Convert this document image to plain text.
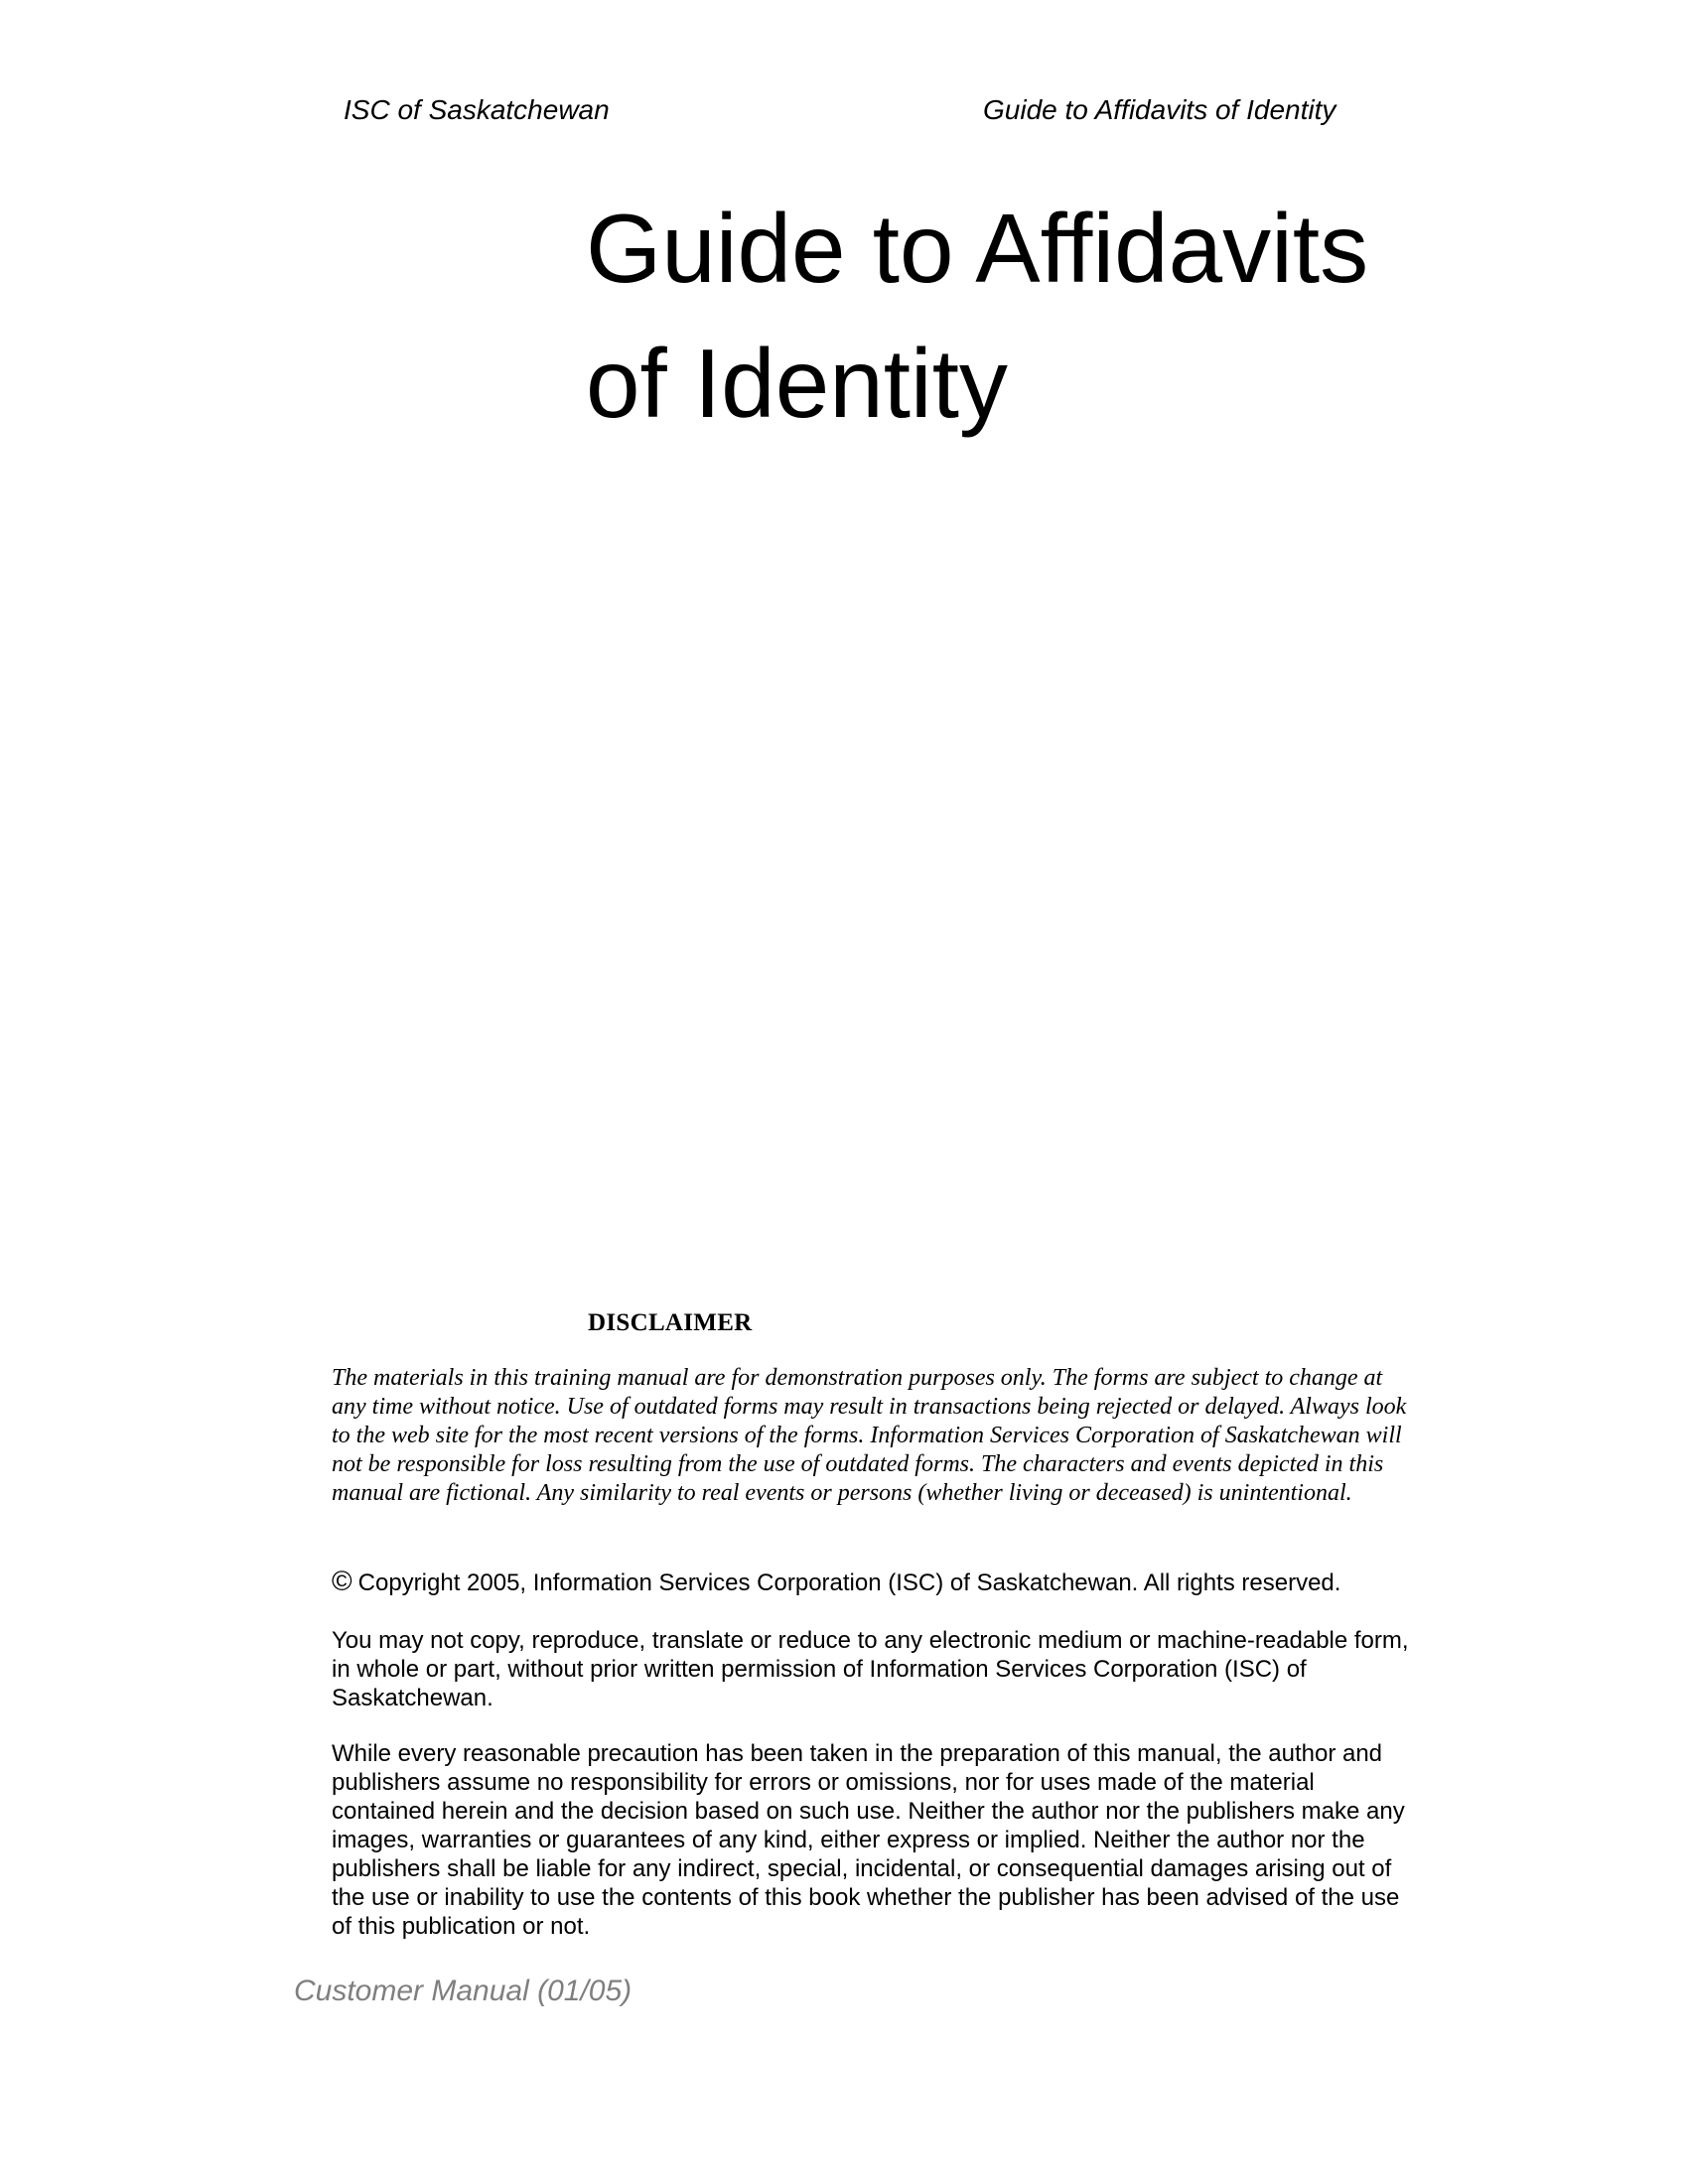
ISC of Saskatchewan	Guide to Affidavits of Identity
Guide to Affidavits
of Identity
DISCLAIMER

The materials in this training manual are for demonstration purposes only. The forms are subject to change at any time without notice. Use of outdated forms may result in transactions being rejected or delayed. Always look to the web site for the most recent versions of the forms. Information Services Corporation of Saskatchewan will not be responsible for loss resulting from the use of outdated forms. The characters and events depicted in this manual are fictional. Any similarity to real events or persons (whether living or deceased) is unintentional.

© Copyright 2005, Information Services Corporation (ISC) of Saskatchewan. All rights reserved.

You may not copy, reproduce, translate or reduce to any electronic medium or machine-readable form, in whole or part, without prior written permission of Information Services Corporation (ISC) of Saskatchewan.

While every reasonable precaution has been taken in the preparation of this manual, the author and publishers assume no responsibility for errors or omissions, nor for uses made of the material contained herein and the decision based on such use. Neither the author nor the publishers make any images, warranties or guarantees of any kind, either express or implied. Neither the author nor the publishers shall be liable for any indirect, special, incidental, or consequential damages arising out of the use or inability to use the contents of this book whether the publisher has been advised of the use of this publication or not.

Customer Manual (01/05)
